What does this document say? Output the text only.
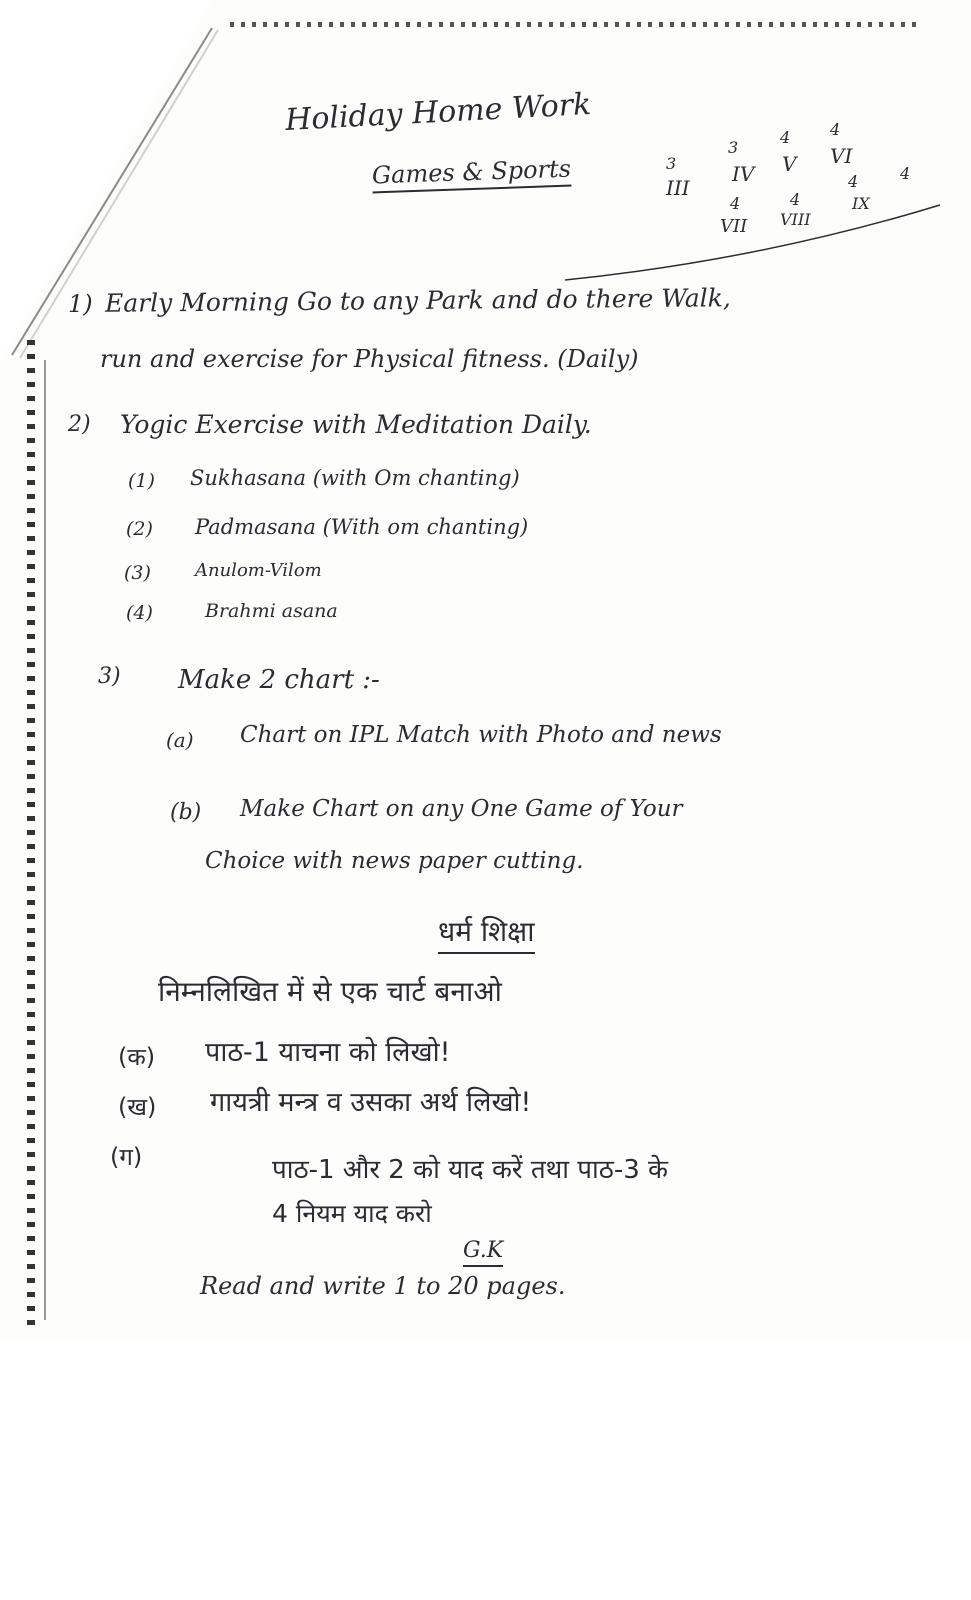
Holiday Home Work
Games & Sports	3
III
3
IV
4
V
4
VI
4
VII
4
VIII
4
IX
4
1) Early Morning Go to any Park and do there Walk,
run and exercise for Physical fitness. (Daily)
2) Yogic Exercise with Meditation Daily.
(1) Sukhasana (with Om chanting)
(2) Padmasana (With om chanting)
(3) Anulom-Vilom
(4)	Brahmi asana
3) Make 2 chart :-
(a) Chart on IPL Match with Photo and news
(b) Make Chart on any One Game of Your
Choice with news paper cutting.
धर्म शिक्षा
निम्नलिखित में से एक चार्ट बनाओ
(क) पाठ-1 याचना को लिखो!
(ख) गायत्री मन्त्र व उसका अर्थ लिखो!
(ग)	पाठ-1 और 2 को याद करें तथा पाठ-3 के
4 नियम याद करो
G.K
Read and write 1 to 20 pages.
